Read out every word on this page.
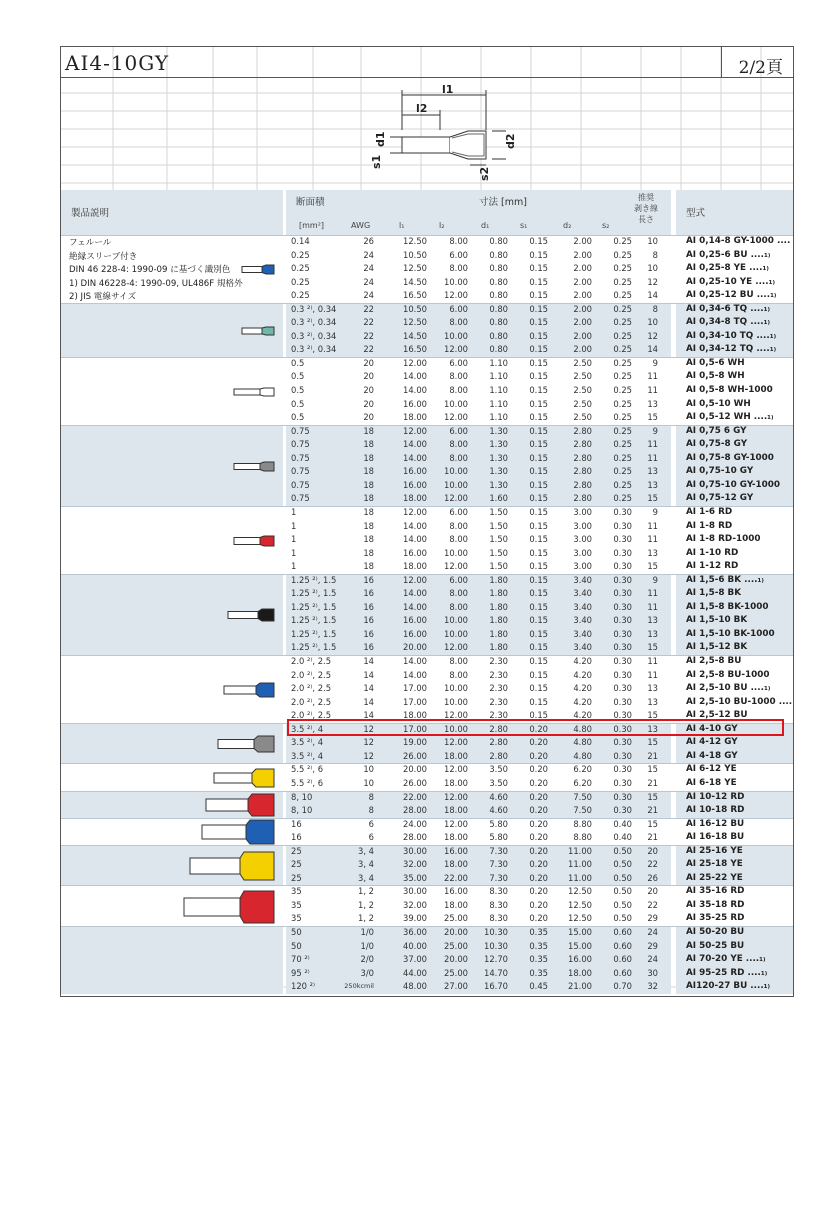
AI4-10GY	2/2頁
l1
l2
d1
s1
d2
s2
製品説明
断面積	寸法 [mm]	推奨
剥き線
長さ
型式
[mm²]	AWG	l₁	l₂	d₁	s₁	d₂	s₂
0.14	26	12.50	8.00	0.80	0.15	2.00	0.25 10	AI 0,14-8 GY-1000 ....
0.25	24	10.50	6.00	0.80	0.15	2.00	0.25 8	AI 0,25-6 BU ....₁₎
0.25	24	12.50	8.00	0.80	0.15	2.00	0.25 10	AI 0,25-8 YE ....₁₎
0.25	24	14.50 10.00	0.80	0.15	2.00	0.25 12	AI 0,25-10 YE ....₁₎
0.25	24	16.50 12.00	0.80	0.15	2.00	0.25 14	AI 0,25-12 BU ....₁₎
フェルール
絶縁スリーブ付き
DIN 46 228-4: 1990-09 に基づく識別色
1) DIN 46228-4: 1990-09, UL486F 規格外
2) JIS 電線サイズ
0.3 ²⁾, 0.34	22	10.50	6.00	0.80	0.15	2.00	0.25 8	AI 0,34-6 TQ ....₁₎
0.3 ²⁾, 0.34	22	12.50	8.00	0.80	0.15	2.00	0.25 10	AI 0,34-8 TQ ....₁₎
0.3 ²⁾, 0.34	22	14.50 10.00	0.80	0.15	2.00	0.25 12	AI 0,34-10 TQ ....₁₎
0.3 ²⁾, 0.34	22	16.50 12.00	0.80	0.15	2.00	0.25 14	AI 0,34-12 TQ ....₁₎
0.5	20	12.00	6.00	1.10	0.15	2.50	0.25 9	AI 0,5-6 WH
0.5	20	14.00	8.00	1.10	0.15	2.50	0.25 11	AI 0,5-8 WH
0.5	20	14.00	8.00	1.10	0.15	2.50	0.25 11	AI 0,5-8 WH-1000
0.5	20	16.00 10.00	1.10	0.15	2.50	0.25 13	AI 0,5-10 WH
0.5	20	18.00 12.00	1.10	0.15	2.50	0.25 15	AI 0,5-12 WH ....₁₎
0.75	18	12.00	6.00	1.30	0.15	2.80	0.25 9	AI 0,75 6 GY
0.75	18	14.00	8.00	1.30	0.15	2.80	0.25 11	AI 0,75-8 GY
0.75	18	14.00	8.00	1.30	0.15	2.80	0.25 11	AI 0,75-8 GY-1000
0.75	18	16.00 10.00	1.30	0.15	2.80	0.25 13	AI 0,75-10 GY
0.75	18	16.00 10.00	1.30	0.15	2.80	0.25 13	AI 0,75-10 GY-1000
0.75	18	18.00 12.00	1.60	0.15	2.80	0.25 15	AI 0,75-12 GY
1	18	12.00	6.00	1.50	0.15	3.00	0.30 9	AI 1-6 RD
1	18	14.00	8.00	1.50	0.15	3.00	0.30 11	AI 1-8 RD
1	18	14.00	8.00	1.50	0.15	3.00	0.30 11	AI 1-8 RD-1000
1	18	16.00 10.00	1.50	0.15	3.00	0.30 13	AI 1-10 RD
1	18	18.00 12.00	1.50	0.15	3.00	0.30 15	AI 1-12 RD
1.25 ²⁾, 1.5	16	12.00	6.00	1.80	0.15	3.40	0.30 9	AI 1,5-6 BK ....₁₎
1.25 ²⁾, 1.5	16	14.00	8.00	1.80	0.15	3.40	0.30 11	AI 1,5-8 BK
1.25 ²⁾, 1.5	16	14.00	8.00	1.80	0.15	3.40	0.30 11	AI 1,5-8 BK-1000
1.25 ²⁾, 1.5	16	16.00 10.00	1.80	0.15	3.40	0.30 13	AI 1,5-10 BK
1.25 ²⁾, 1.5	16	16.00 10.00	1.80	0.15	3.40	0.30 13	AI 1,5-10 BK-1000
1.25 ²⁾, 1.5	16	20.00 12.00	1.80	0.15	3.40	0.30 15	AI 1,5-12 BK
2.0 ²⁾, 2.5	14	14.00	8.00	2.30	0.15	4.20	0.30 11	AI 2,5-8 BU
2.0 ²⁾, 2.5	14	14.00	8.00	2.30	0.15	4.20	0.30 11	AI 2,5-8 BU-1000
2.0 ²⁾, 2.5	14	17.00 10.00	2.30	0.15	4.20	0.30 13	AI 2,5-10 BU ....₁₎
2.0 ²⁾, 2.5	14	17.00 10.00	2.30	0.15	4.20	0.30 13	AI 2,5-10 BU-1000 ....
2.0 ²⁾, 2.5	14	18.00 12.00	2.30	0.15	4.20	0.30 15	AI 2,5-12 BU
3.5 ²⁾, 4	12	17.00 10.00	2.80	0.20	4.80	0.30 13	AI 4-10 GY
3.5 ²⁾, 4	12	19.00 12.00	2.80	0.20	4.80	0.30 15	AI 4-12 GY
3.5 ²⁾, 4	12	26.00 18.00	2.80	0.20	4.80	0.30 21	AI 4-18 GY
5.5 ²⁾, 6	10	20.00 12.00	3.50	0.20	6.20	0.30 15	AI 6-12 YE
5.5 ²⁾, 6	10	26.00 18.00	3.50	0.20	6.20	0.30 21	AI 6-18 YE
8, 10	8	22.00 12.00	4.60	0.20	7.50	0.30 15	AI 10-12 RD
8, 10	8	28.00 18.00	4.60	0.20	7.50	0.30 21	AI 10-18 RD
16	6	24.00 12.00	5.80	0.20	8.80	0.40 15	AI 16-12 BU
16	6	28.00 18.00	5.80	0.20	8.80	0.40 21	AI 16-18 BU
25	3, 4	30.00 16.00	7.30	0.20 11.00	0.50 20	AI 25-16 YE
25	3, 4	32.00 18.00	7.30	0.20 11.00	0.50 22	AI 25-18 YE
25	3, 4	35.00 22.00	7.30	0.20 11.00	0.50 26	AI 25-22 YE
35	1, 2	30.00 16.00	8.30	0.20 12.50	0.50 20	AI 35-16 RD
35	1, 2	32.00 18.00	8.30	0.20 12.50	0.50 22	AI 35-18 RD
35	1, 2	39.00 25.00	8.30	0.20 12.50	0.50 29	AI 35-25 RD
50	1/0	36.00 20.00 10.30	0.35 15.00	0.60 24	AI 50-20 BU
50	1/0	40.00 25.00 10.30	0.35 15.00	0.60 29	AI 50-25 BU
70 ²⁾	2/0	37.00 20.00 12.70	0.35 16.00	0.60 24	AI 70-20 YE ....₁₎
95 ²⁾	3/0	44.00 25.00 14.70	0.35 18.00	0.60 30	AI 95-25 RD ....₁₎
120 ²⁾	250kcmil	48.00 27.00 16.70	0.45 21.00	0.70 32	AI120-27 BU ....₁₎
